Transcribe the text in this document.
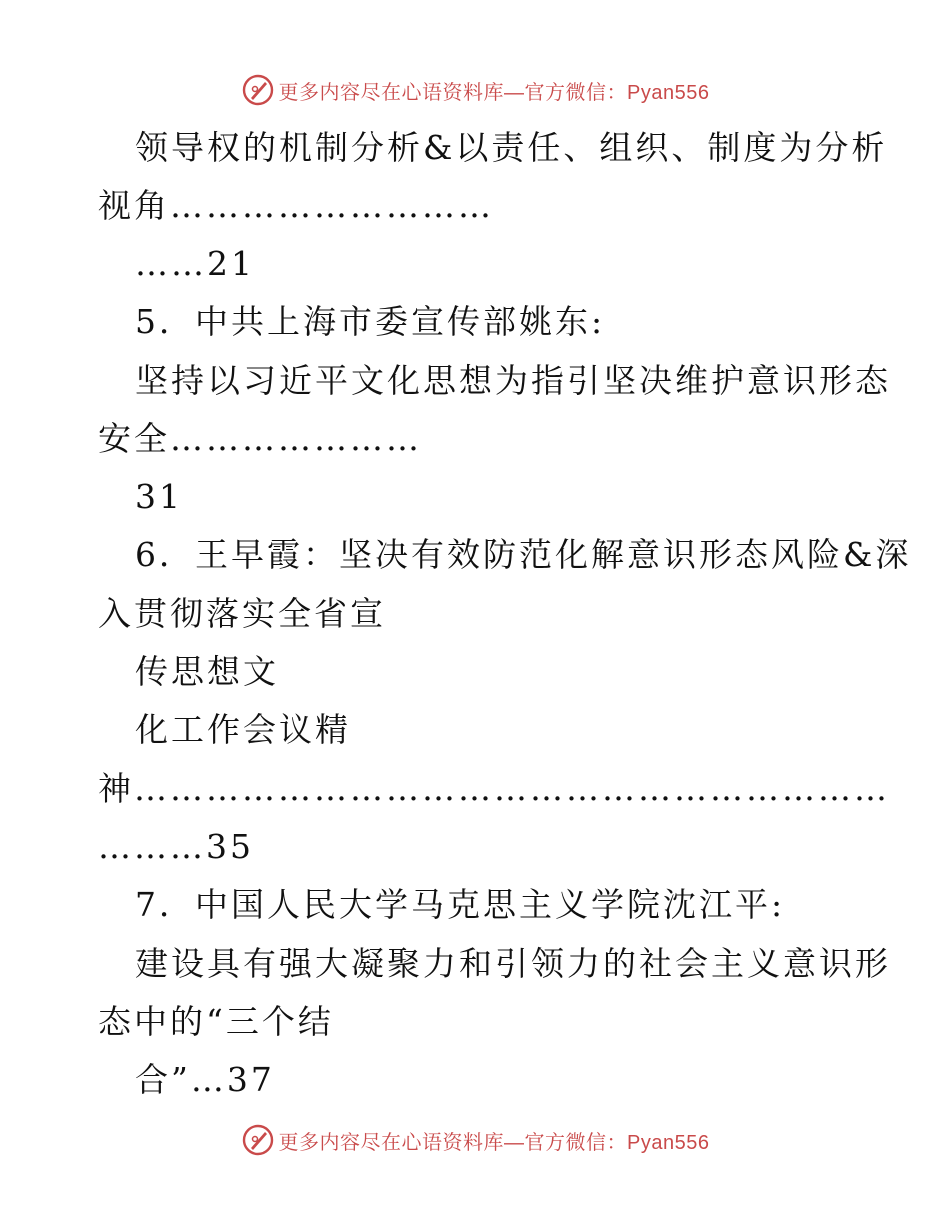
更多内容尽在心语资料库—官方微信：Pyan556
领导权的机制分析&以责任、组织、制度为分析
视角………………………
……21
5．中共上海市委宣传部姚东:
坚持以习近平文化思想为指引坚决维护意识形态
安全…………………
31
6．王早霞：坚决有效防范化解意识形态风险&深
入贯彻落实全省宣
传思想文
化工作会议精
神………………………………………………………
………35
7．中国人民大学马克思主义学院沈江平:
建设具有强大凝聚力和引领力的社会主义意识形
态中的“三个结
合”…37
更多内容尽在心语资料库—官方微信：Pyan556
